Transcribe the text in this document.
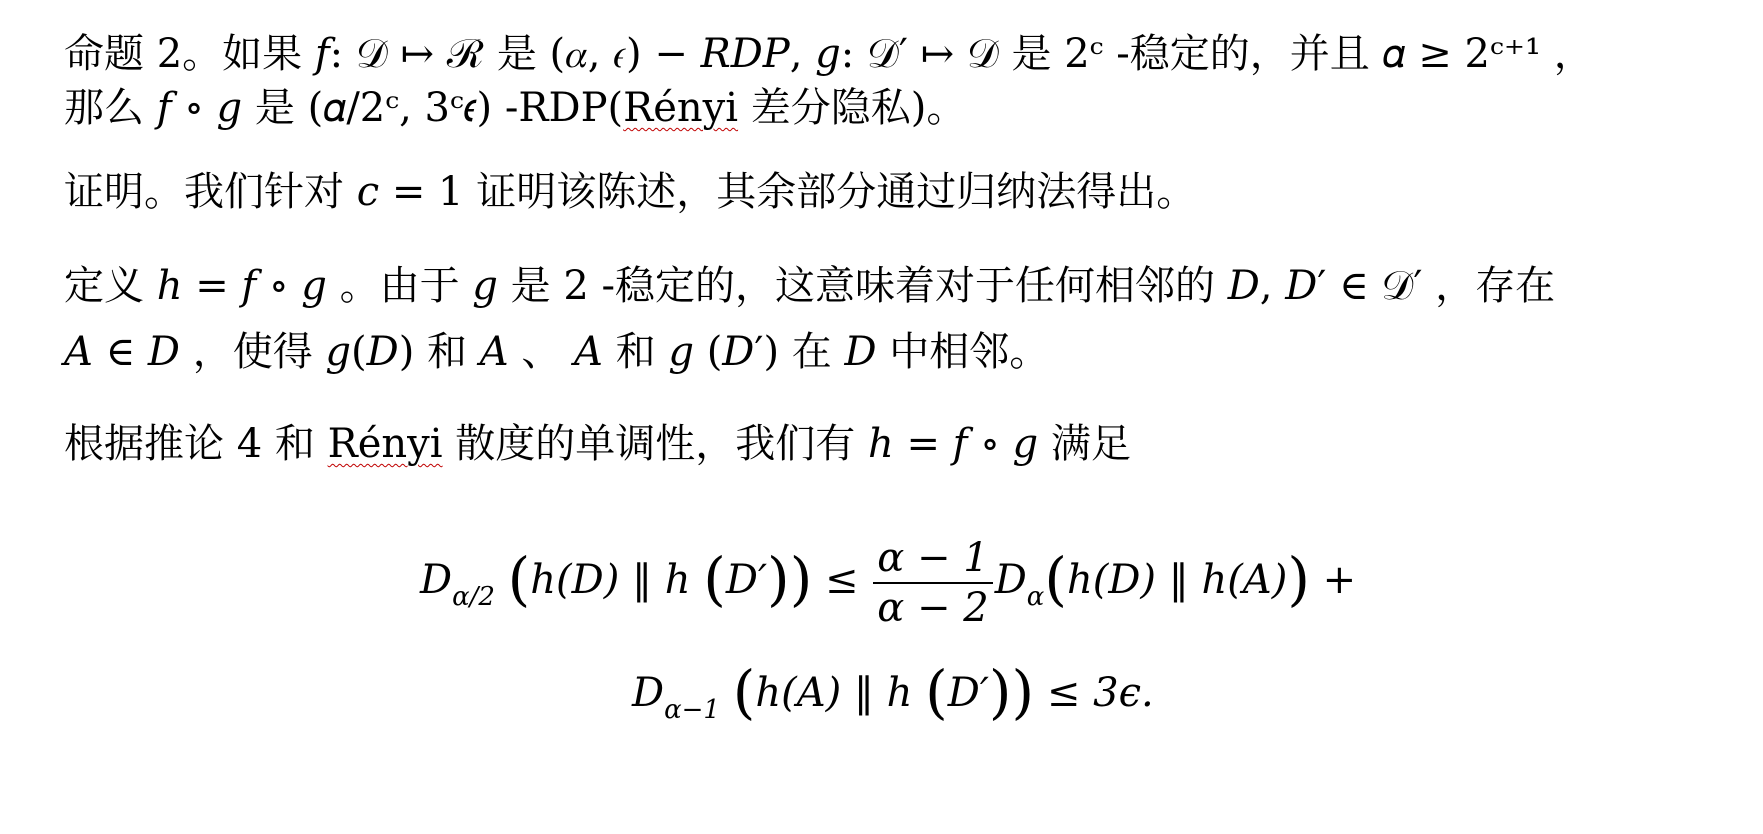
命题 2。如果 𝑓: 𝒟 ↦ ℛ 是 (𝛼, 𝜖) − 𝑅𝐷𝑃, 𝑔: 𝒟′ ↦ 𝒟 是 2ᶜ -稳定的，并且 𝛼 ≥ 2ᶜ⁺¹ ，
那么 𝑓 ∘ 𝑔 是 (𝛼/2ᶜ, 3ᶜ𝜖) -RDP(Rényi 差分隐私)。
证明。我们针对 𝑐 = 1 证明该陈述，其余部分通过归纳法得出。
定义 ℎ = 𝑓 ∘ 𝑔 。由于 𝑔 是 2 -稳定的，这意味着对于任何相邻的 𝐷, 𝐷′ ∈ 𝒟′ ，存在
𝐴 ∈ 𝐷 ，使得 𝑔(𝐷) 和 𝐴 、 𝐴 和 𝑔 (𝐷′) 在 𝐷 中相邻。
根据推论 4 和 Rényi 散度的单调性，我们有 ℎ = 𝑓 ∘ 𝑔 满足
$D_{\alpha/2}$ (h(D) ‖ h $(D')) \le \frac{\alpha - 1}{\alpha - 2} D_\alpha(h(D)$ ‖ h(A)) +
$D_{\alpha-1}$ (h(A) ‖ h (D′)) ≤ 3ϵ.
